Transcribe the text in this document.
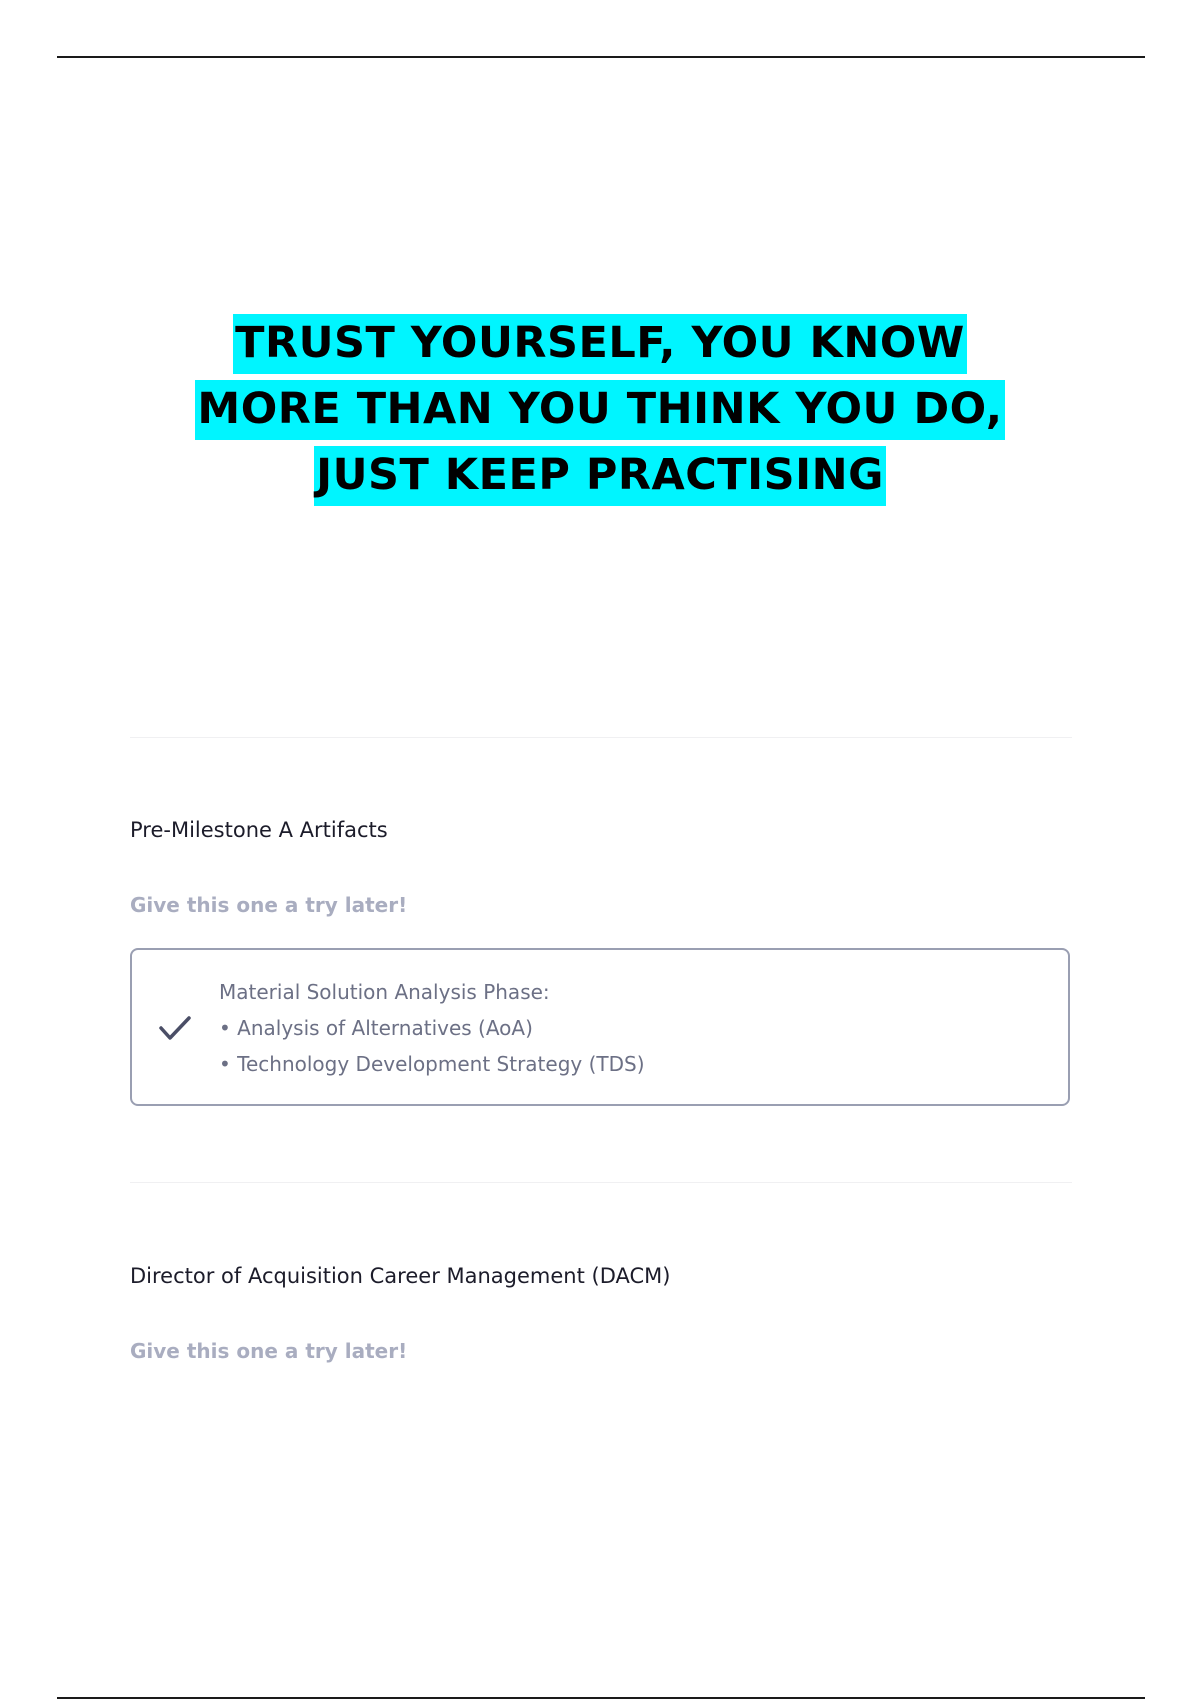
TRUST YOURSELF, YOU KNOW
MORE THAN YOU THINK YOU DO,
JUST KEEP PRACTISING
Pre-Milestone A Artifacts
Give this one a try later!
Material Solution Analysis Phase:
• Analysis of Alternatives (AoA)
• Technology Development Strategy (TDS)
Director of Acquisition Career Management (DACM)
Give this one a try later!
